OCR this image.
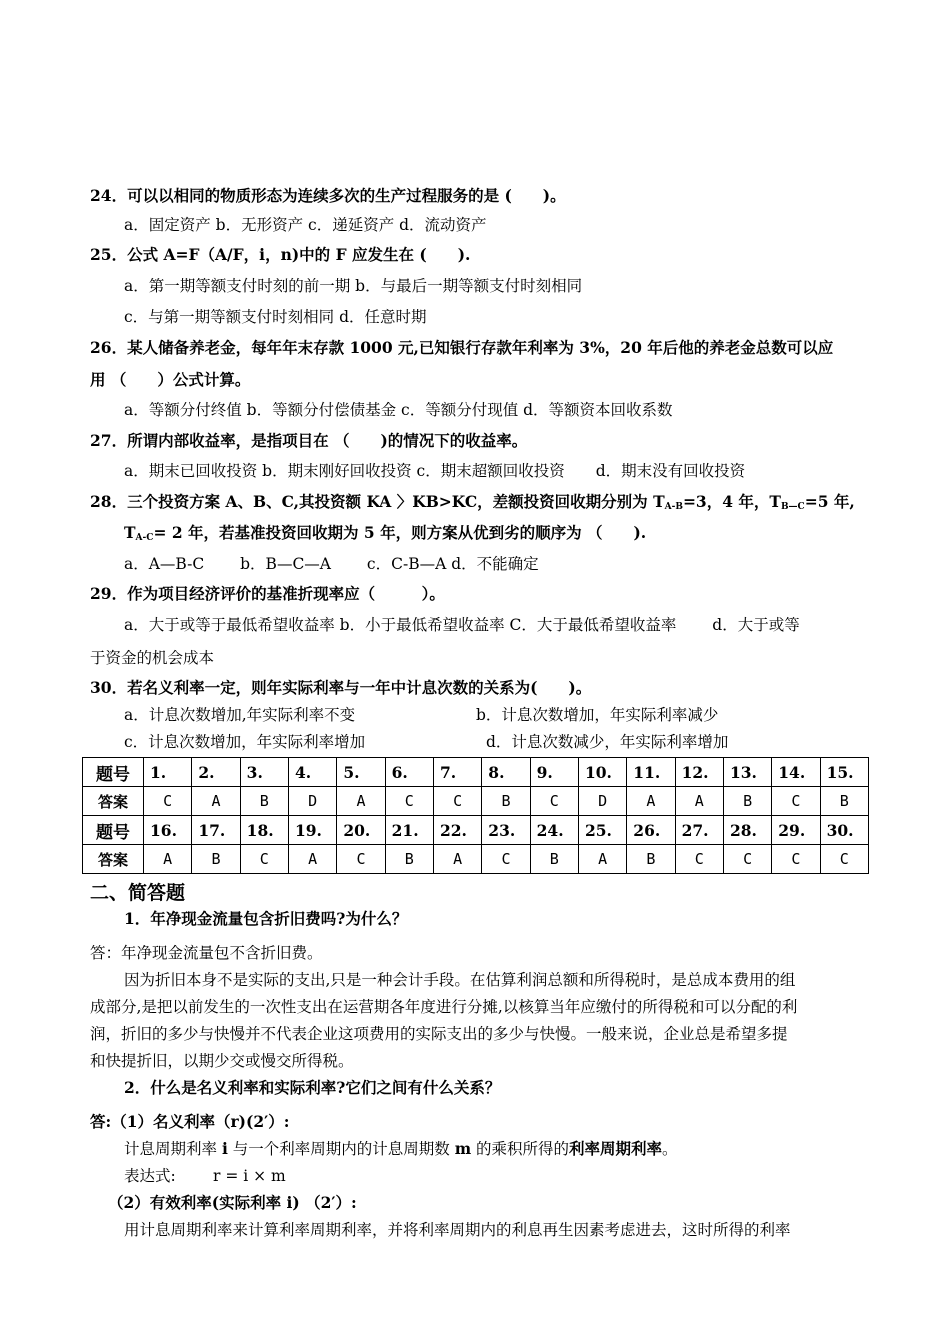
24．可以以相同的物质形态为连续多次的生产过程服务的是 (　　)。
a．固定资产 b．无形资产 c．递延资产 d．流动资产
25．公式 A=F（A/F，i，n)中的 F 应发生在 (　　).
a．第一期等额支付时刻的前一期 b．与最后一期等额支付时刻相同
c．与第一期等额支付时刻相同 d．任意时期
26．某人储备养老金，每年年末存款 1000 元,已知银行存款年利率为 3%，20 年后他的养老金总数可以应
用 （　　）公式计算。
a．等额分付终值 b．等额分付偿债基金 c．等额分付现值 d．等额资本回收系数
27．所谓内部收益率，是指项目在 （　　)的情况下的收益率。
a．期末已回收投资 b．期末刚好回收投资 c．期末超额回收投资　　d．期末没有回收投资
28．三个投资方案 A、B、C,其投资额 KA 〉KB>KC，差额投资回收期分别为 $T_{A-B}=3$，4 年，$T_{B—C}=5$ 年,
$T_{A-C}= 2$ 年，若基准投资回收期为 5 年，则方案从优到劣的顺序为 （　　).
a．A—B-C　　 b．B—C—A　　 c．C-B—A d．不能确定
29．作为项目经济评价的基准折现率应（　　　）。
a．大于或等于最低希望收益率 b．小于最低希望收益率 C．大于最低希望收益率　　 d．大于或等
于资金的机会成本
30．若名义利率一定，则年实际利率与一年中计息次数的关系为(　　)。
a．计息次数增加,年实际利率不变	b．计息次数增加，年实际利率减少
c．计息次数增加，年实际利率增加	d．计息次数减少，年实际利率增加
题号	1.	2.	3.	4.	5.	6.	7.	8.	9.	10.	11.	12.	13.	14.	15.
答案	C	A	B	D	A	C	C	B	C	D	A	A	B	C	B
题号	16.	17.	18.	19.	20.	21.	22.	23.	24.	25.	26.	27.	28.	29.	30.
答案	A	B	C	A	C	B	A	C	B	A	B	C	C	C	C
二、简答题
1．年净现金流量包含折旧费吗?为什么？
答：年净现金流量包不含折旧费。
因为折旧本身不是实际的支出,只是一种会计手段。在估算利润总额和所得税时，是总成本费用的组
成部分,是把以前发生的一次性支出在运营期各年度进行分摊,以核算当年应缴付的所得税和可以分配的利
润，折旧的多少与快慢并不代表企业这项费用的实际支出的多少与快慢。一般来说，企业总是希望多提
和快提折旧，以期少交或慢交所得税。
2．什么是名义利率和实际利率?它们之间有什么关系？
答:（1）名义利率（r)(2′）:
计息周期利率 i 与一个利率周期内的计息周期数 m 的乘积所得的利率周期利率。
表达式: r = i × m
（2）有效利率(实际利率 i) （2′）:
用计息周期利率来计算利率周期利率，并将利率周期内的利息再生因素考虑进去，这时所得的利率
